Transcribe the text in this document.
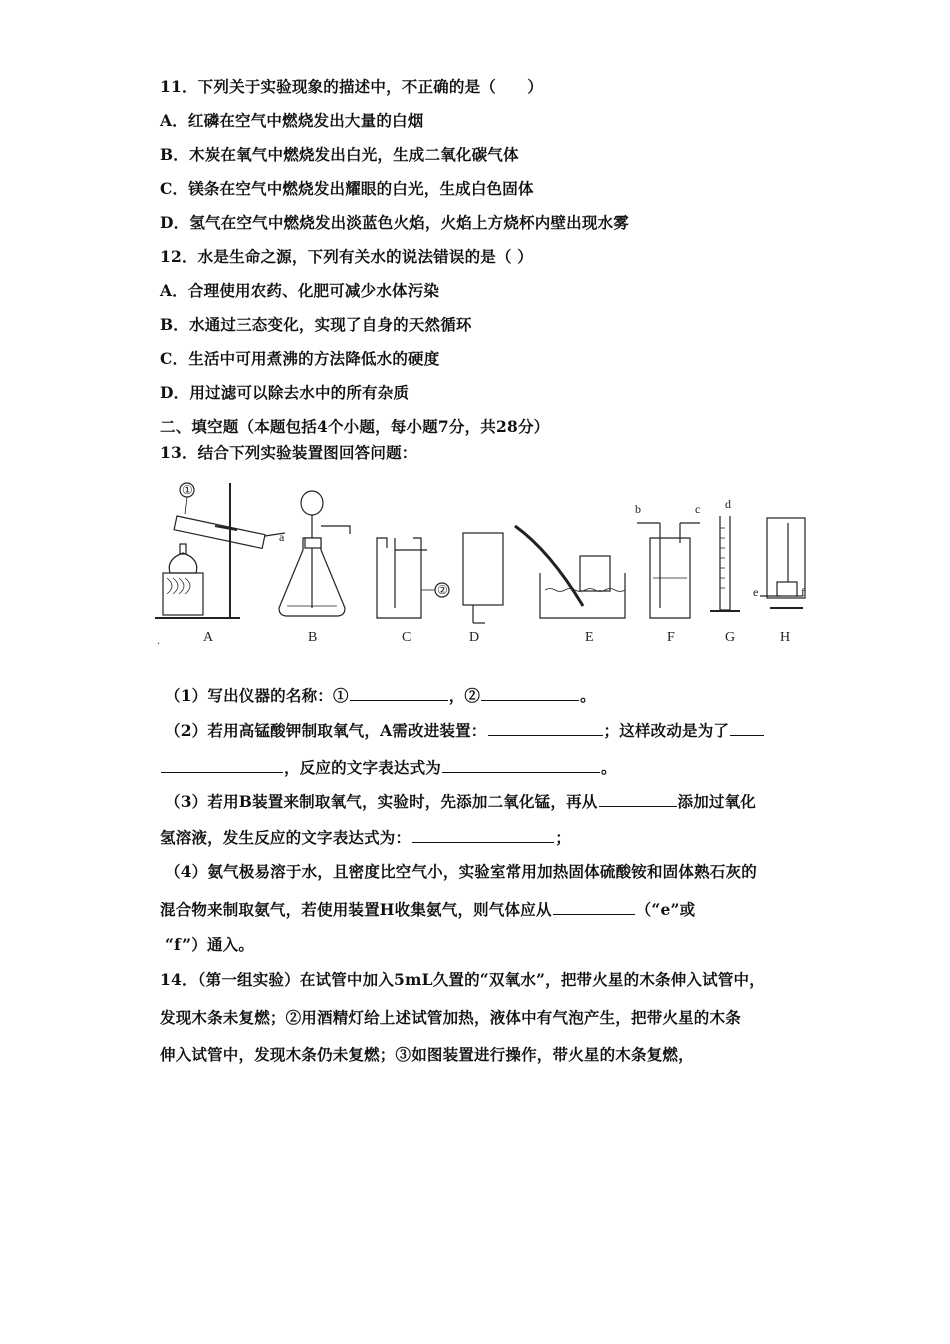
11．下列关于实验现象的描述中，不正确的是（　　）
A．红磷在空气中燃烧发出大量的白烟
B．木炭在氧气中燃烧发出白光，生成二氧化碳气体
C．镁条在空气中燃烧发出耀眼的白光，生成白色固体
D．氢气在空气中燃烧发出淡蓝色火焰，火焰上方烧杯内壁出现水雾
12．水是生命之源，下列有关水的说法错误的是（ ）
A．合理使用农药、化肥可减少水体污染
B．水通过三态变化，实现了自身的天然循环
C．生活中可用煮沸的方法降低水的硬度
D．用过滤可以除去水中的所有杂质
二、填空题（本题包括4个小题，每小题7分，共28分）
13．结合下列实验装置图回答问题：
①
a
②
b	c d
e	f
.	A	B	C	D	E	F	G	H
（1）写出仪器的名称：①	，②	。
（2）若用高锰酸钾制取氧气，A需改进装置：	；这样改动是为了
，反应的文字表达式为	。
（3）若用B装置来制取氧气，实验时，先添加二氧化锰，再从	添加过氧化
氢溶液，发生反应的文字表达式为：	；
（4）氨气极易溶于水，且密度比空气小，实验室常用加热固体硫酸铵和固体熟石灰的
混合物来制取氨气，若使用装置H收集氨气，则气体应从	（“e”或
“f”）通入。
14．（第一组实验）在试管中加入5mL久置的“双氧水”，把带火星的木条伸入试管中，
发现木条未复燃；②用酒精灯给上述试管加热，液体中有气泡产生，把带火星的木条
伸入试管中，发现木条仍未复燃；③如图装置进行操作，带火星的木条复燃，
